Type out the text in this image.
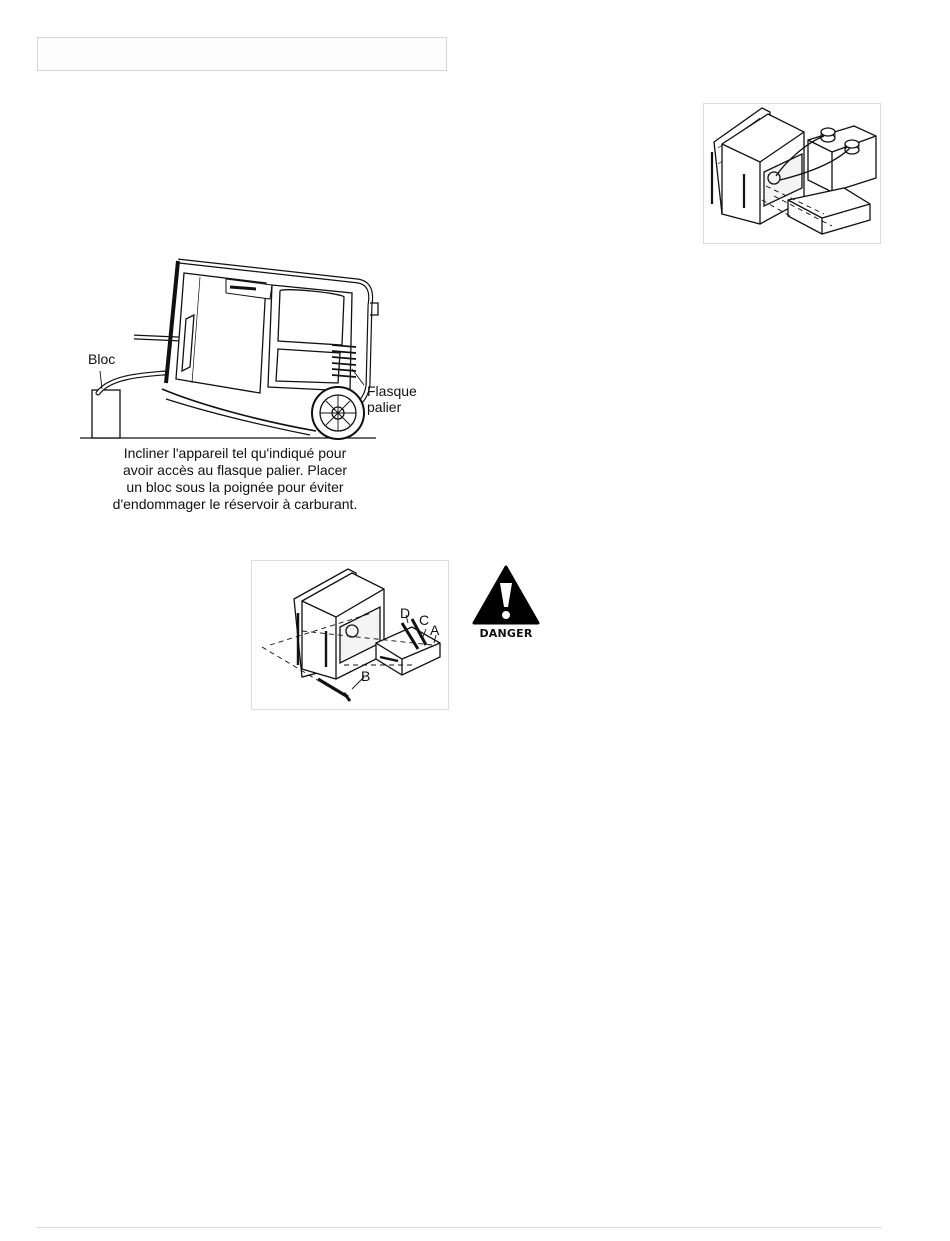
Bloc
Flasque
palier
Incliner l'appareil tel qu'indiqué pour
avoir accès au flasque palier. Placer
un bloc sous la poignée pour éviter
d'endommager le réservoir à carburant.
D C
A
B
DANGER
